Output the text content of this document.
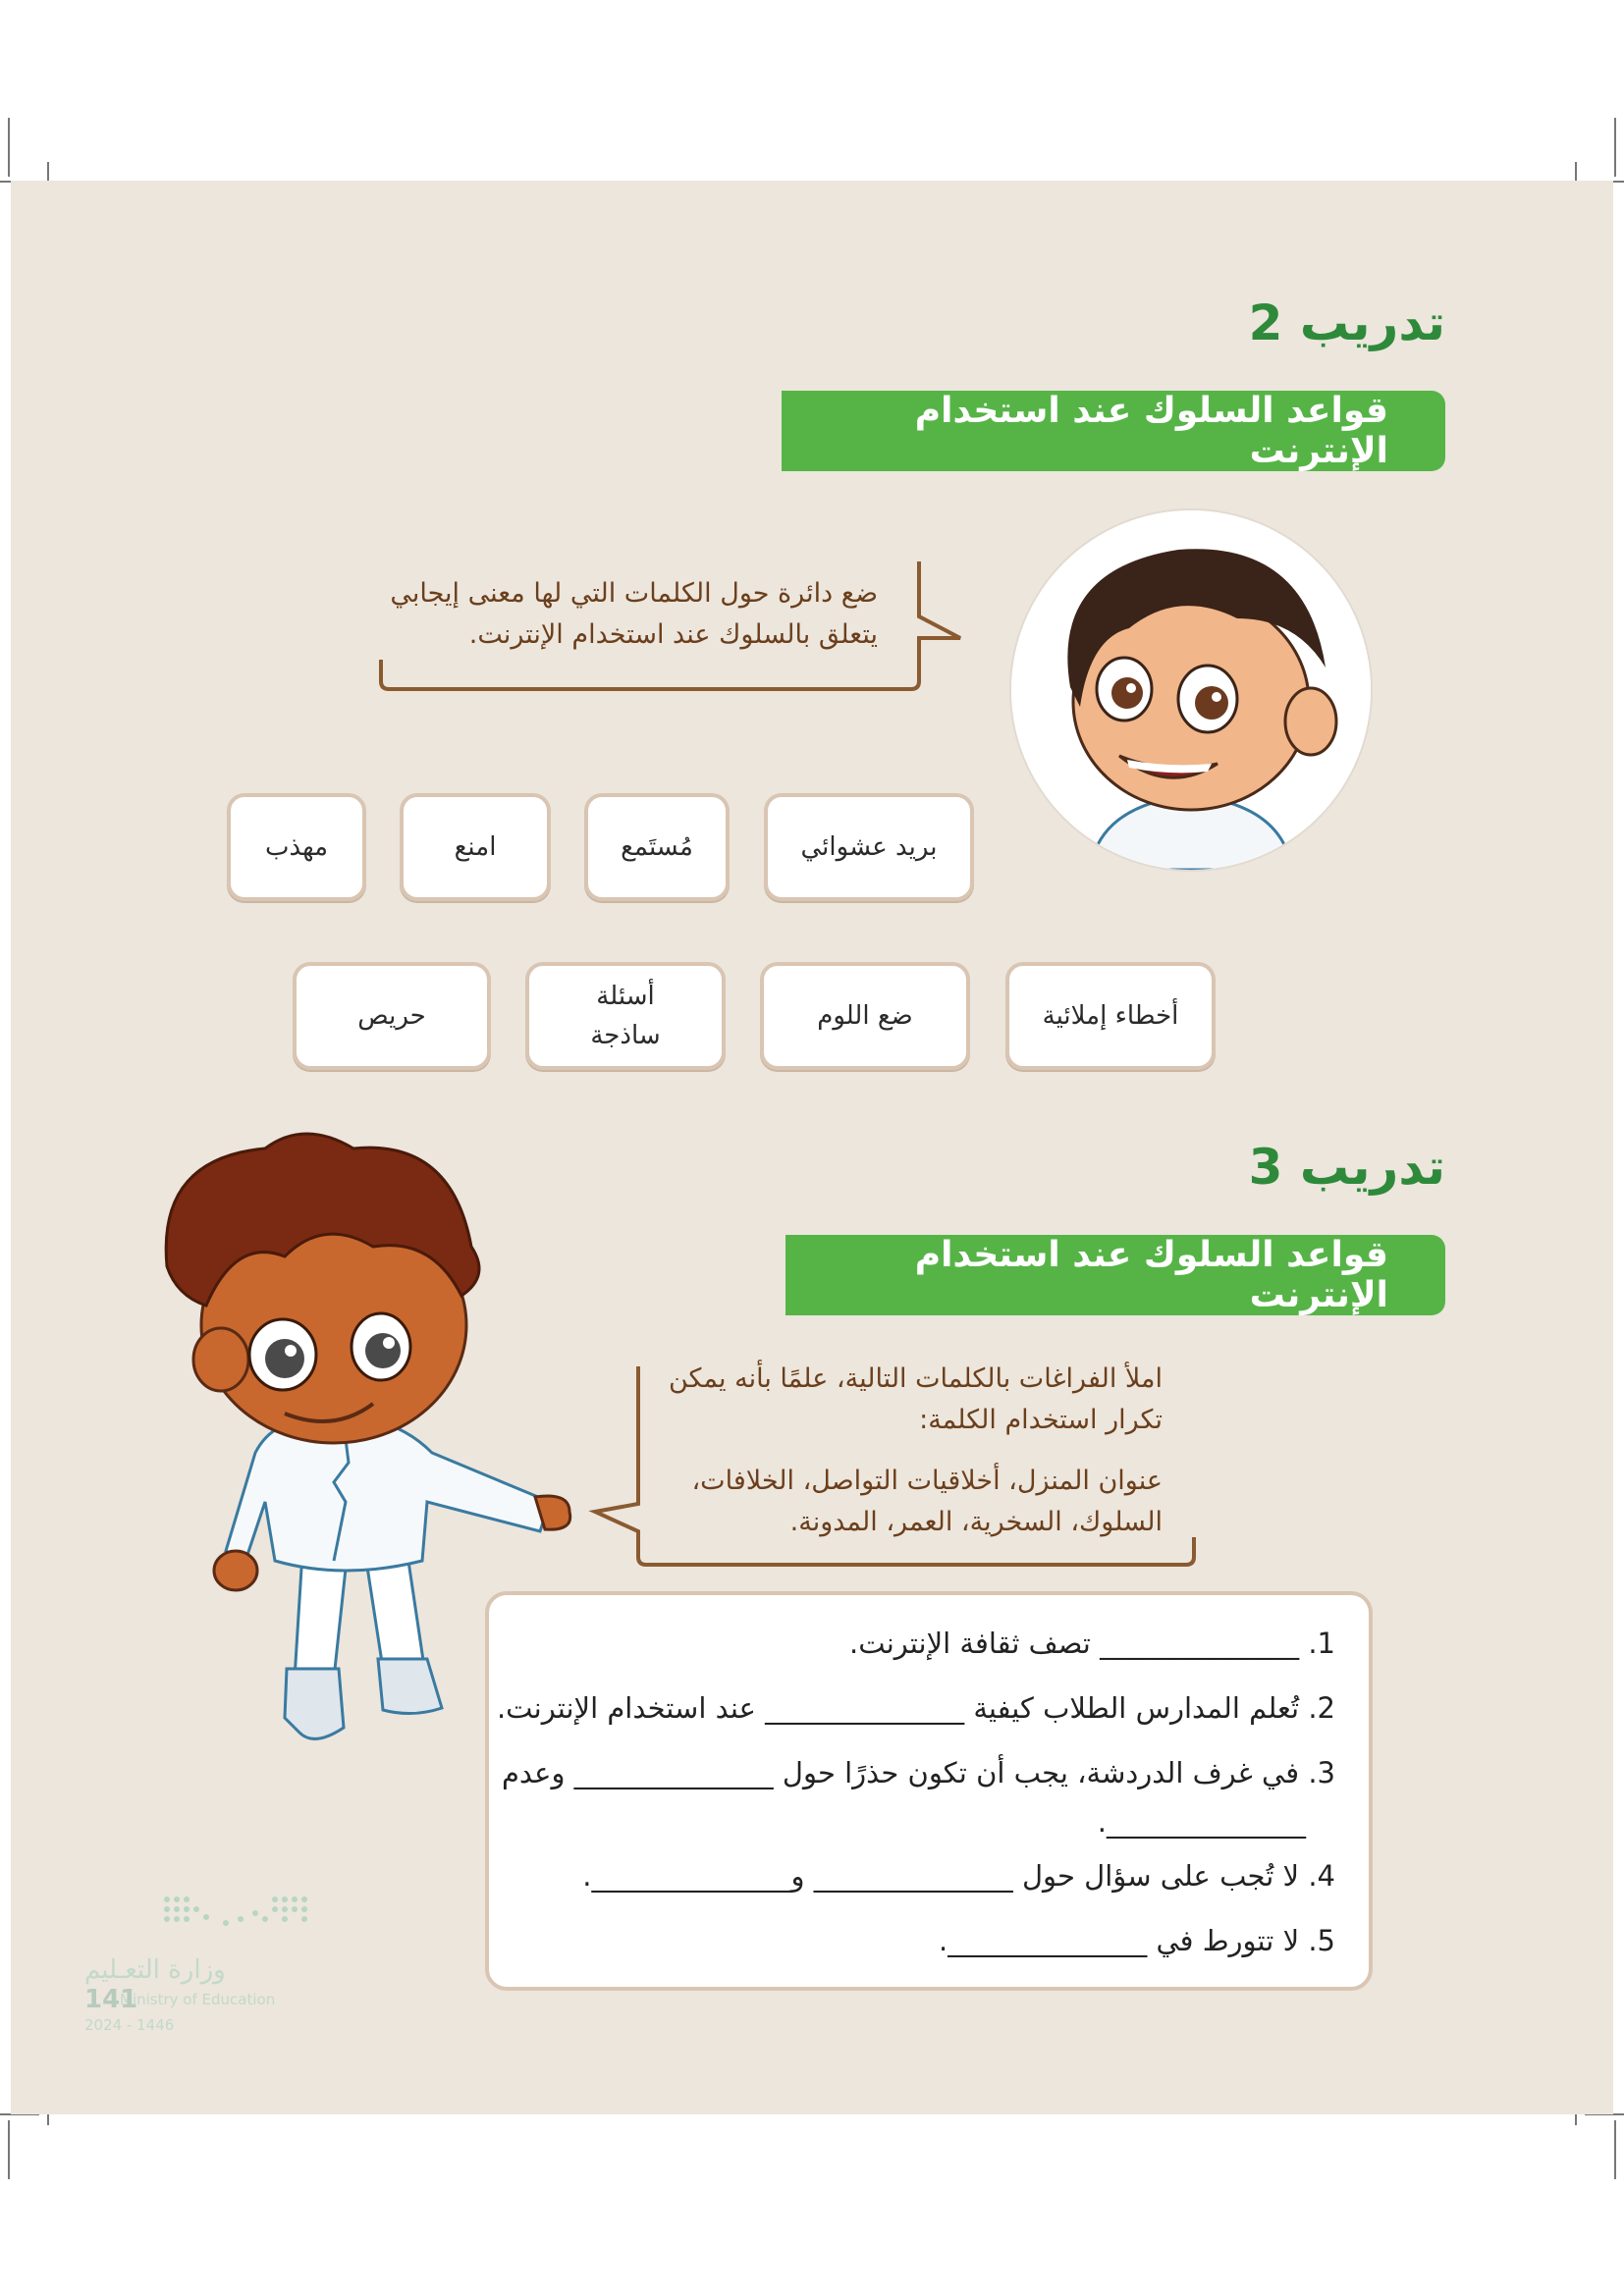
تدريب 2
قواعد السلوك عند استخدام الإنترنت
ضع دائرة حول الكلمات التي لها معنى إيجابي
يتعلق بالسلوك عند استخدام الإنترنت.
بريد عشوائي
مُستَمع
امنع
مهذب
أخطاء إملائية
ضع اللوم
أسئلة
ساذجة
حريص
تدريب 3
قواعد السلوك عند استخدام الإنترنت
املأ الفراغات بالكلمات التالية، علمًا بأنه يمكن
تكرار استخدام الكلمة:
عنوان المنزل، أخلاقيات التواصل، الخلافات،
السلوك، السخرية، العمر، المدونة.
1. ______________ تصف ثقافة الإنترنت.
2. تُعلم المدارس الطلاب كيفية ______________ عند استخدام الإنترنت.
3. في غرف الدردشة، يجب أن تكون حذرًا حول ______________ وعدم
______________.
4. لا تُجب على سؤال حول ______________ و______________.
5. لا تتورط في ______________.
وزارة التعـليم
Ministry of Education
141
2024 - 1446
